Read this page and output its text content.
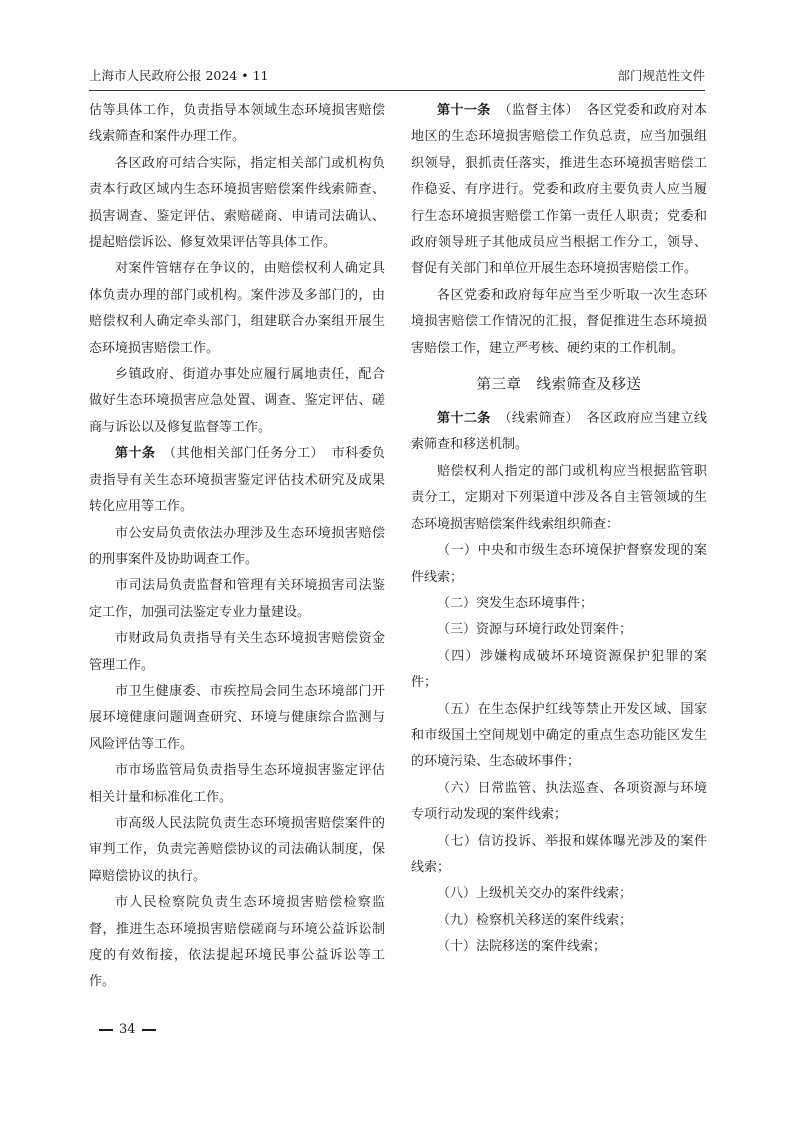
上海市人民政府公报 2024 • 11	部门规范性文件

估等具体工作，负责指导本领域生态环境损害赔偿线索筛查和案件办理工作。

各区政府可结合实际，指定相关部门或机构负责本行政区域内生态环境损害赔偿案件线索筛查、损害调查、鉴定评估、索赔磋商、申请司法确认、提起赔偿诉讼、修复效果评估等具体工作。

对案件管辖存在争议的，由赔偿权利人确定具体负责办理的部门或机构。案件涉及多部门的，由赔偿权利人确定牵头部门，组建联合办案组开展生态环境损害赔偿工作。

乡镇政府、街道办事处应履行属地责任，配合做好生态环境损害应急处置、调查、鉴定评估、磋商与诉讼以及修复监督等工作。

第十条 （其他相关部门任务分工） 市科委负责指导有关生态环境损害鉴定评估技术研究及成果转化应用等工作。

市公安局负责依法办理涉及生态环境损害赔偿的刑事案件及协助调查工作。

市司法局负责监督和管理有关环境损害司法鉴定工作，加强司法鉴定专业力量建设。

市财政局负责指导有关生态环境损害赔偿资金管理工作。

市卫生健康委、市疾控局会同生态环境部门开展环境健康问题调查研究、环境与健康综合监测与风险评估等工作。

市市场监管局负责指导生态环境损害鉴定评估相关计量和标准化工作。

市高级人民法院负责生态环境损害赔偿案件的审判工作，负责完善赔偿协议的司法确认制度，保障赔偿协议的执行。

市人民检察院负责生态环境损害赔偿检察监督，推进生态环境损害赔偿磋商与环境公益诉讼制度的有效衔接，依法提起环境民事公益诉讼等工作。

第十一条 （监督主体） 各区党委和政府对本地区的生态环境损害赔偿工作负总责，应当加强组织领导，狠抓责任落实，推进生态环境损害赔偿工作稳妥、有序进行。党委和政府主要负责人应当履行生态环境损害赔偿工作第一责任人职责；党委和政府领导班子其他成员应当根据工作分工，领导、督促有关部门和单位开展生态环境损害赔偿工作。

各区党委和政府每年应当至少听取一次生态环境损害赔偿工作情况的汇报，督促推进生态环境损害赔偿工作，建立严考核、硬约束的工作机制。

第三章　线索筛查及移送

第十二条 （线索筛查） 各区政府应当建立线索筛查和移送机制。

赔偿权利人指定的部门或机构应当根据监管职责分工，定期对下列渠道中涉及各自主管领域的生态环境损害赔偿案件线索组织筛查：

（一）中央和市级生态环境保护督察发现的案件线索；

（二）突发生态环境事件；

（三）资源与环境行政处罚案件；

（四）涉嫌构成破坏环境资源保护犯罪的案件；

（五）在生态保护红线等禁止开发区域、国家和市级国土空间规划中确定的重点生态功能区发生的环境污染、生态破坏事件；

（六）日常监管、执法巡查、各项资源与环境专项行动发现的案件线索；

（七）信访投诉、举报和媒体曝光涉及的案件线索；

（八）上级机关交办的案件线索；

（九）检察机关移送的案件线索；

（十）法院移送的案件线索；

34
